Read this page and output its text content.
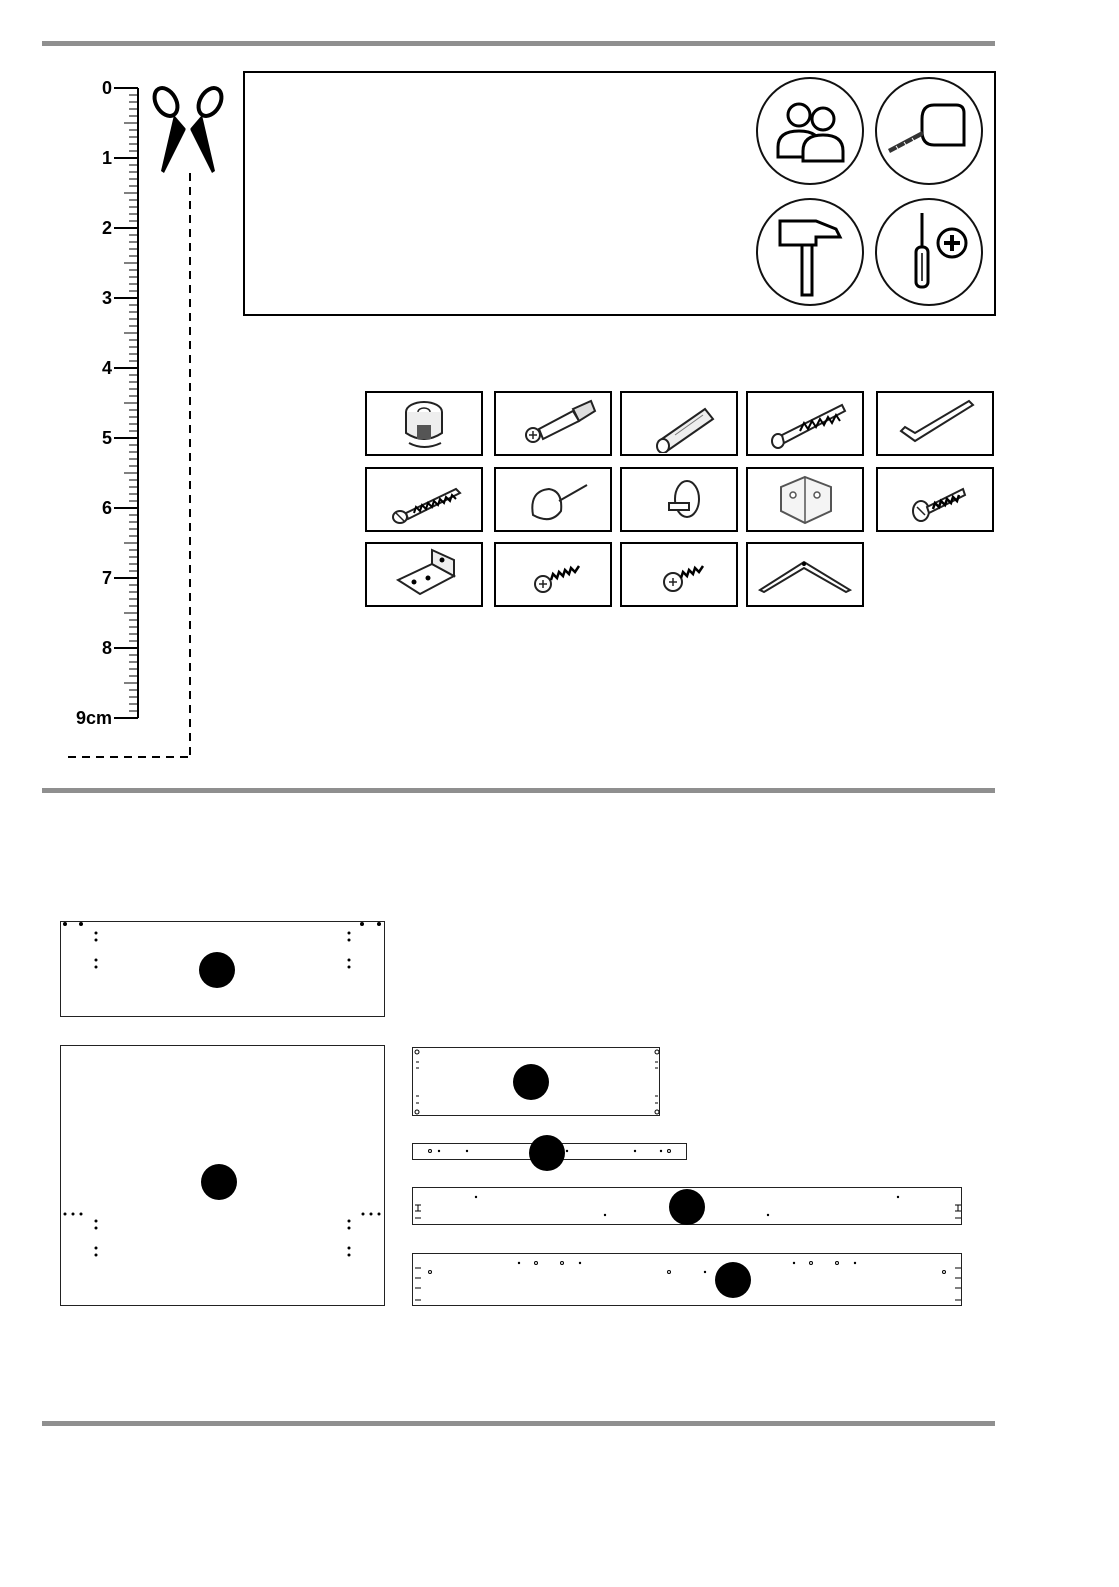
0
1
2
3
4
5
6
7
8
9cm
